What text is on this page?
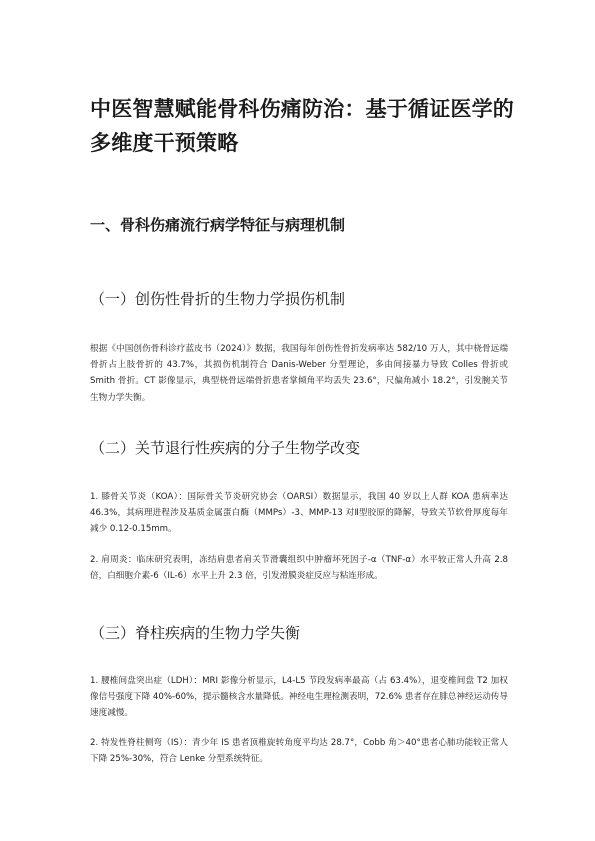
中医智慧赋能骨科伤痛防治：基于循证医学的多维度干预策略
一、骨科伤痛流行病学特征与病理机制
（一）创伤性骨折的生物力学损伤机制
根据《中国创伤骨科诊疗蓝皮书（2024）》数据，我国每年创伤性骨折发病率达 582/10 万人，其中桡骨远端骨折占上肢骨折的 43.7%，其损伤机制符合 Danis-Weber 分型理论，多由间接暴力导致 Colles 骨折或 Smith 骨折。CT 影像显示，典型桡骨远端骨折患者掌倾角平均丢失 23.6°，尺偏角减小 18.2°，引发腕关节生物力学失衡。
（二）关节退行性疾病的分子生物学改变
1. 膝骨关节炎（KOA）：国际骨关节炎研究协会（OARSI）数据显示，我国 40 岁以上人群 KOA 患病率达 46.3%，其病理进程涉及基质金属蛋白酶（MMPs）-3、MMP-13 对Ⅱ型胶原的降解，导致关节软骨厚度每年减少 0.12-0.15mm。
2. 肩周炎：临床研究表明，冻结肩患者肩关节滑囊组织中肿瘤坏死因子-α（TNF-α）水平较正常人升高 2.8 倍，白细胞介素-6（IL-6）水平上升 2.3 倍，引发滑膜炎症反应与粘连形成。
（三）脊柱疾病的生物力学失衡
1. 腰椎间盘突出症（LDH）：MRI 影像分析显示，L4-L5 节段发病率最高（占 63.4%），退变椎间盘 T2 加权像信号强度下降 40%-60%，提示髓核含水量降低。神经电生理检测表明，72.6% 患者存在腓总神经运动传导速度减慢。
2. 特发性脊柱侧弯（IS）：青少年 IS 患者顶椎旋转角度平均达 28.7°，Cobb 角＞40°患者心肺功能较正常人下降 25%-30%，符合 Lenke 分型系统特征。
